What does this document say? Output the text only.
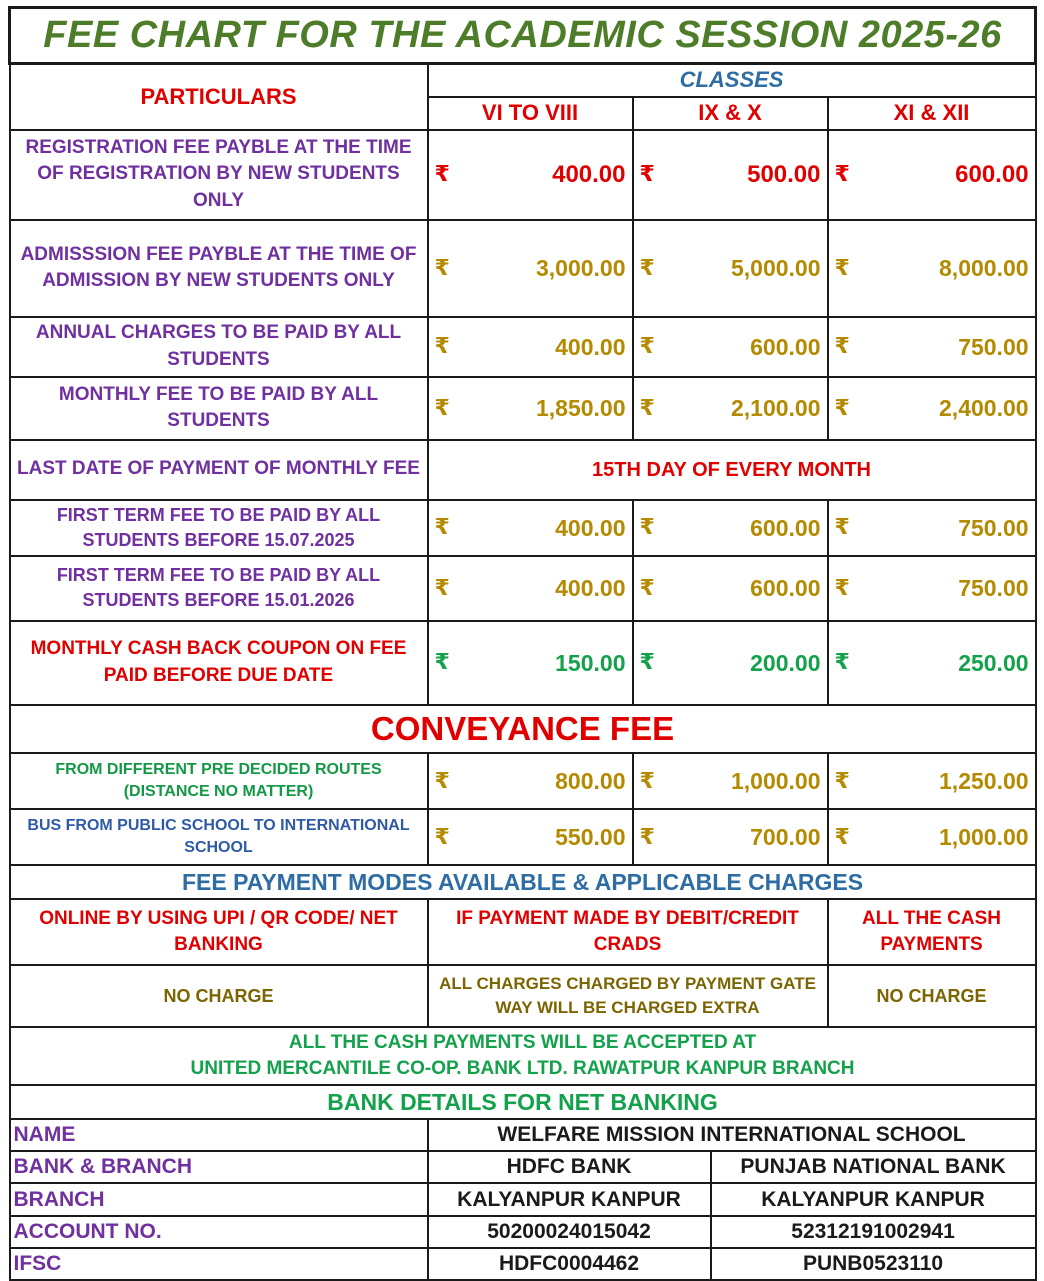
FEE CHART FOR THE ACADEMIC SESSION 2025-26				
PARTICULARS	CLASSES			
	VI TO VIII	IX & X		XI & XII
REGISTRATION FEE PAYBLE AT THE TIME OF REGISTRATION BY NEW STUDENTS ONLY	₹ 400.00	₹ 500.00		₹ 600.00

ADMISSSION FEE PAYBLE AT THE TIME OF ADMISSION BY NEW STUDENTS ONLY	₹ 3,000.00	₹ 5,000.00		₹ 8,000.00

ANNUAL CHARGES TO BE PAID BY ALL STUDENTS	₹ 400.00	₹ 600.00		₹ 750.00

MONTHLY FEE TO BE PAID BY ALL STUDENTS	₹ 1,850.00	₹ 2,100.00		₹ 2,400.00

LAST DATE OF PAYMENT OF MONTHLY FEE	15TH DAY OF EVERY MONTH			
FIRST TERM FEE TO BE PAID BY ALL STUDENTS BEFORE 15.07.2025	₹ 400.00	₹ 600.00		₹ 750.00

FIRST TERM FEE TO BE PAID BY ALL STUDENTS BEFORE 15.01.2026	₹ 400.00	₹ 600.00		₹ 750.00

MONTHLY CASH BACK COUPON ON FEE PAID BEFORE DUE DATE	₹ 150.00	₹ 200.00		₹ 250.00

CONVEYANCE FEE				
FROM DIFFERENT PRE DECIDED ROUTES (DISTANCE NO MATTER)	₹ 800.00	₹ 1,000.00		₹ 1,250.00

BUS FROM PUBLIC SCHOOL TO INTERNATIONAL SCHOOL	₹ 550.00	₹ 700.00		₹ 1,000.00

FEE PAYMENT MODES AVAILABLE & APPLICABLE CHARGES				
ONLINE BY USING UPI / QR CODE/ NET BANKING	IF PAYMENT MADE BY DEBIT/CREDIT CRADS			ALL THE CASH PAYMENTS
NO CHARGE	ALL CHARGES CHARGED BY PAYMENT GATE WAY WILL BE CHARGED EXTRA			NO CHARGE

ALL THE CASH PAYMENTS WILL BE ACCEPTED AT
UNITED MERCANTILE CO-OP. BANK LTD. RAWATPUR KANPUR BRANCH				

BANK DETAILS FOR NET BANKING				
NAME	WELFARE MISSION INTERNATIONAL SCHOOL			
BANK & BRANCH	HDFC BANK		PUNJAB NATIONAL BANK	
BRANCH	KALYANPUR KANPUR		KALYANPUR KANPUR	
ACCOUNT NO.	50200024015042		52312191002941	
IFSC	HDFC0004462		PUNB0523110	
